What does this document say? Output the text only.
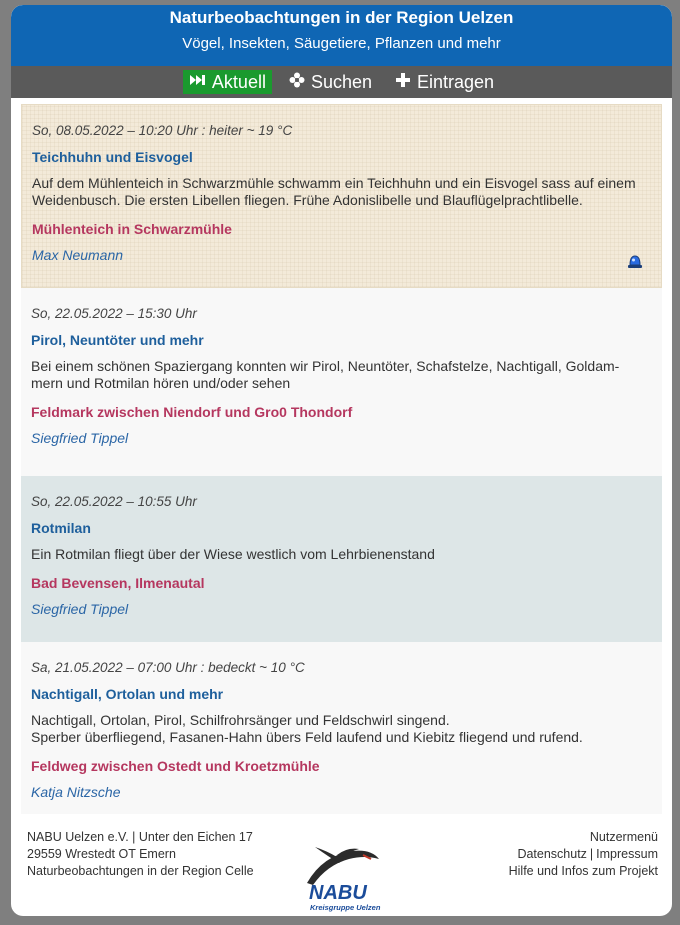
Naturbeobachtungen in der Region Uelzen
Vögel, Insekten, Säugetiere, Pflanzen und mehr
Aktuell	Suchen	Eintragen
So, 08.05.2022 – 10:20 Uhr : heiter ~ 19 °C
Teichhuhn und Eisvogel
Auf dem Mühlenteich in Schwarzmühle schwamm ein Teichhuhn und ein Eisvogel sass auf einem
Weidenbusch. Die ersten Libellen fliegen. Frühe Adonislibelle und Blauflügelprachtlibelle.
Mühlenteich in Schwarzmühle
Max Neumann
So, 22.05.2022 – 15:30 Uhr
Pirol, Neuntöter und mehr
Bei einem schönen Spaziergang konnten wir Pirol, Neuntöter, Schafstelze, Nachtigall, Goldam-
mern und Rotmilan hören und/oder sehen
Feldmark zwischen Niendorf und Gro0 Thondorf
Siegfried Tippel
So, 22.05.2022 – 10:55 Uhr
Rotmilan
Ein Rotmilan fliegt über der Wiese westlich vom Lehrbienenstand
Bad Bevensen, Ilmenautal
Siegfried Tippel
Sa, 21.05.2022 – 07:00 Uhr : bedeckt ~ 10 °C
Nachtigall, Ortolan und mehr
Nachtigall, Ortolan, Pirol, Schilfrohrsänger und Feldschwirl singend.
Sperber überfliegend, Fasanen-Hahn übers Feld laufend und Kiebitz fliegend und rufend.
Feldweg zwischen Ostedt und Kroetzmühle
Katja Nitzsche
NABU Uelzen e.V. | Unter den Eichen 17
29559 Wrestedt OT Emern
Naturbeobachtungen in der Region Celle
NABU
Kreisgruppe Uelzen
Nutzermenü
Datenschutz | Impressum
Hilfe und Infos zum Projekt
